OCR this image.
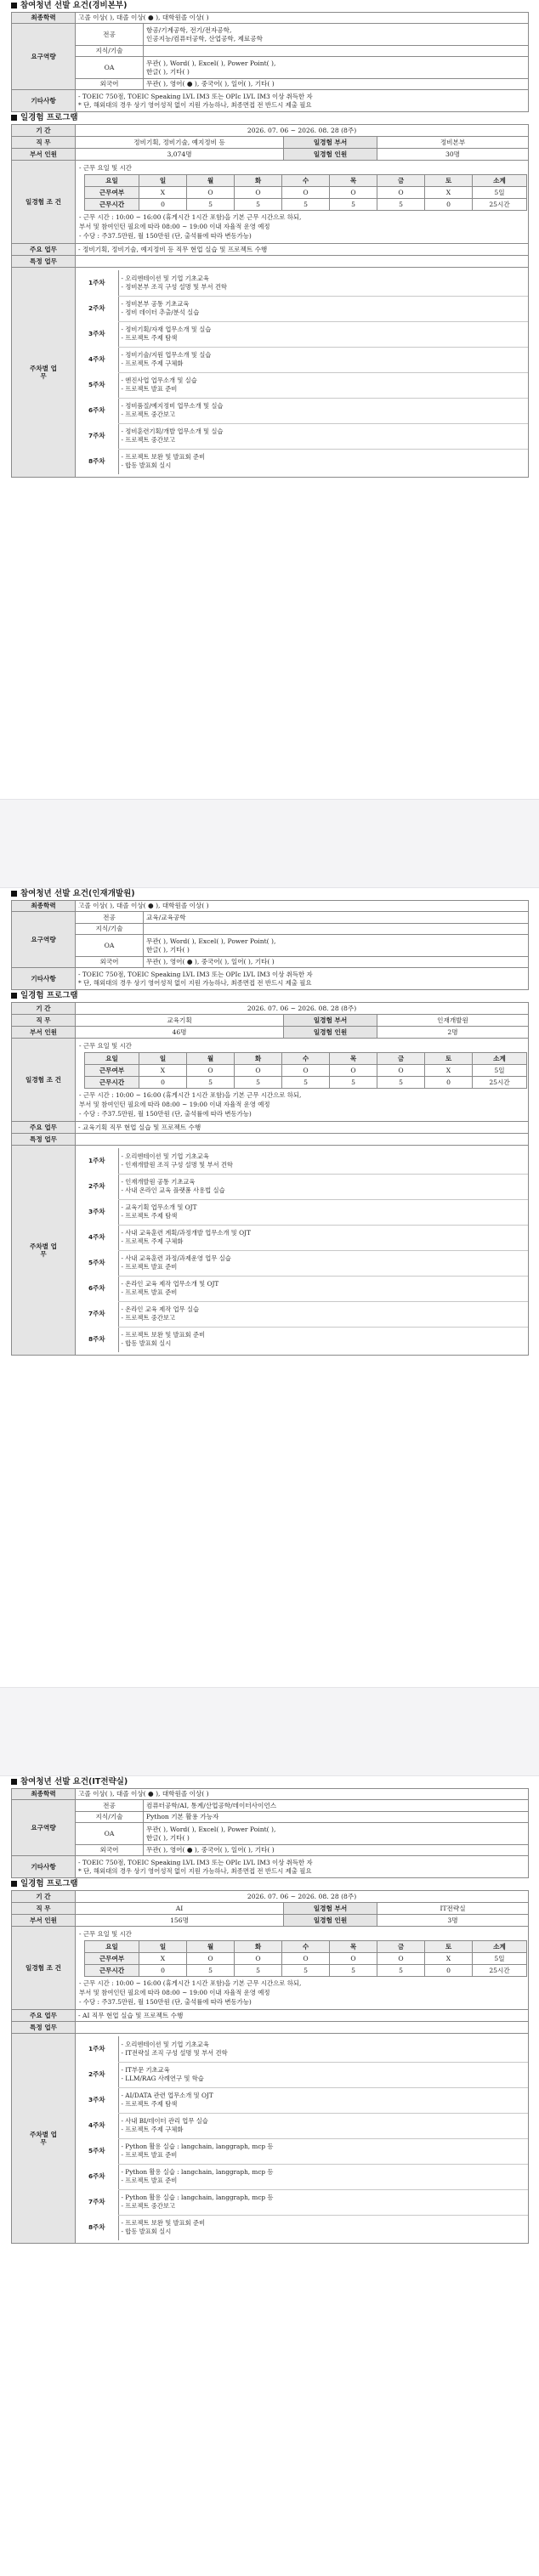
참여청년 선발 요건(경비본부)
최종학력	고졸 이상( ), 대졸 이상( ● ), 대학원졸 이상( )	
요구역량	전공	항공/기계공학, 전기/전자공학,
인공지능/컴퓨터공학, 산업공학, 제료공학

	지식/기술	
	OA	무관( ), Word( ), Excel( ), Power Point( ),
한글( ), 기타( )

	외국어	무관( ), 영어( ● ), 중국어( ), 일어( ), 기타( )
기타사항	- TOEIC 750점, TOEIC Speaking LVL IM3 또는 OPIc LVL IM3 이상 취득한 자
* 단, 해외대의 경우 상기 영어성적 없이 지원 가능하나, 최종면접 전 반드시 제출 필요	
일경험 프로그램
기 간	2026. 07. 06 ~ 2026. 08. 28 (8주)
직 무	정비기획, 정비기술, 예지정비 등	일경험 부서	정비본부
부서 인원	3,074명	일경험 인원	30명
일경험 조 건	
- 근무 요일 및 시간
요일	일	월	화	수	목	금	토	소계
근무여부	X	O	O	O	O	O	X	5일
근무시간	0	5	5	5	5	5	0	25시간
- 근무 시간 : 10:00 ~ 16:00 (휴게시간 1시간 포함)을 기본 근무 시간으로 하되,
부서 및 참여인턴 필요에 따라 08:00 ~ 19:00 이내 자율적 운영 예정
- 수당 : 주37.5만원, 월 150만원 (단, 출석률에 따라 변동가능)

주요 업무	- 정비기획, 정비기술, 예지정비 등 직무 현업 실습 및 프로젝트 수행
특정 업무	
주차별 업무	
1주차	
- 오리엔테이션 및 기업 기초교육
- 정비본부 조직 구성 설명 및 부서 견학

2주차	
- 정비본부 공통 기초교육
- 정비 데이터 추출/분석 실습

3주차	
- 정비기획/자재 업무소개 및 실습
- 프로젝트 주제 탐색

4주차	
- 정비기술/지원 업무소개 및 실습
- 프로젝트 주제 구체화

5주차	
- 엔진사업 업무소개 및 실습
- 프로젝트 발표 준비

6주차	
- 정비품질/예지정비 업무소개 및 실습
- 프로젝트 중간보고

7주차	
- 정비훈련기획/개발 업무소개 및 실습
- 프로젝트 중간보고

8주차	
- 프로젝트 보완 및 발표회 준비
- 합동 발표회 실시
참여청년 선발 요건(인재개발원)
최종학력	고졸 이상( ), 대졸 이상( ● ), 대학원졸 이상( )	
요구역량	전공	교육/교육공학

	지식/기술	
	OA	무관( ), Word( ), Excel( ), Power Point( ),
한글( ), 기타( )

	외국어	무관( ), 영어( ● ), 중국어( ), 일어( ), 기타( )
기타사항	- TOEIC 750점, TOEIC Speaking LVL IM3 또는 OPIc LVL IM3 이상 취득한 자
* 단, 해외대의 경우 상기 영어성적 없이 지원 가능하나, 최종면접 전 반드시 제출 필요	
일경험 프로그램
기 간	2026. 07. 06 ~ 2026. 08. 28 (8주)
직 무	교육기획	일경험 부서	인재개발원
부서 인원	46명	일경험 인원	2명
일경험 조 건	
- 근무 요일 및 시간
요일	일	월	화	수	목	금	토	소계
근무여부	X	O	O	O	O	O	X	5일
근무시간	0	5	5	5	5	5	0	25시간
- 근무 시간 : 10:00 ~ 16:00 (휴게시간 1시간 포함)을 기본 근무 시간으로 하되,
부서 및 참여인턴 필요에 따라 08:00 ~ 19:00 이내 자율적 운영 예정
- 수당 : 주37.5만원, 월 150만원 (단, 출석률에 따라 변동가능)

주요 업무	- 교육기획 직무 현업 실습 및 프로젝트 수행
특정 업무	
주차별 업무	
1주차	
- 오리엔테이션 및 기업 기초교육
- 인재개발원 조직 구성 설명 및 부서 견학

2주차	
- 인재개발원 공통 기초교육
- 사내 온라인 교육 플랫폼 사용법 실습

3주차	
- 교육기획 업무소개 및 OJT
- 프로젝트 주제 탐색

4주차	
- 사내 교육훈련 계획/과정개발 업무소개 및 OJT
- 프로젝트 주제 구체화

5주차	
- 사내 교육훈련 과정/과제운영 업무 실습
- 프로젝트 발표 준비

6주차	
- 온라인 교육 제작 업무소개 및 OJT
- 프로젝트 발표 준비

7주차	
- 온라인 교육 제작 업무 실습
- 프로젝트 중간보고

8주차	
- 프로젝트 보완 및 발표회 준비
- 합동 발표회 실시
참여청년 선발 요건(IT전략실)
최종학력	고졸 이상( ), 대졸 이상( ● ), 대학원졸 이상( )	
요구역량	전공	컴퓨터공학/AI, 통계/산업공학/데이터사이언스

	지식/기술	Python 기본 활용 가능자
	OA	무관( ), Word( ), Excel( ), Power Point( ),
한글( ), 기타( )

	외국어	무관( ), 영어( ● ), 중국어( ), 일어( ), 기타( )
기타사항	- TOEIC 750점, TOEIC Speaking LVL IM3 또는 OPIc LVL IM3 이상 취득한 자
* 단, 해외대의 경우 상기 영어성적 없이 지원 가능하나, 최종면접 전 반드시 제출 필요	
일경험 프로그램
기 간	2026. 07. 06 ~ 2026. 08. 28 (8주)
직 무	AI	일경험 부서	IT전략실
부서 인원	156명	일경험 인원	3명
일경험 조 건	
- 근무 요일 및 시간
요일	일	월	화	수	목	금	토	소계
근무여부	X	O	O	O	O	O	X	5일
근무시간	0	5	5	5	5	5	0	25시간
- 근무 시간 : 10:00 ~ 16:00 (휴게시간 1시간 포함)을 기본 근무 시간으로 하되,
부서 및 참여인턴 필요에 따라 08:00 ~ 19:00 이내 자율적 운영 예정
- 수당 : 주37.5만원, 월 150만원 (단, 출석률에 따라 변동가능)

주요 업무	- AI 직무 현업 실습 및 프로젝트 수행
특정 업무	
주차별 업무	
1주차	
- 오리엔테이션 및 기업 기초교육
- IT전략실 조직 구성 설명 및 부서 견학

2주차	
- IT부문 기초교육
- LLM/RAG 사례연구 및 학습

3주차	
- AI/DATA 관련 업무소개 및 OJT
- 프로젝트 주제 탐색

4주차	
- 사내 BI/데이터 관리 업무 실습
- 프로젝트 주제 구체화

5주차	
- Python 활용 실습 : langchain, langgraph, mcp 등
- 프로젝트 발표 준비

6주차	
- Python 활용 실습 : langchain, langgraph, mcp 등
- 프로젝트 발표 준비

7주차	
- Python 활용 실습 : langchain, langgraph, mcp 등
- 프로젝트 중간보고

8주차	
- 프로젝트 보완 및 발표회 준비
- 합동 발표회 실시
